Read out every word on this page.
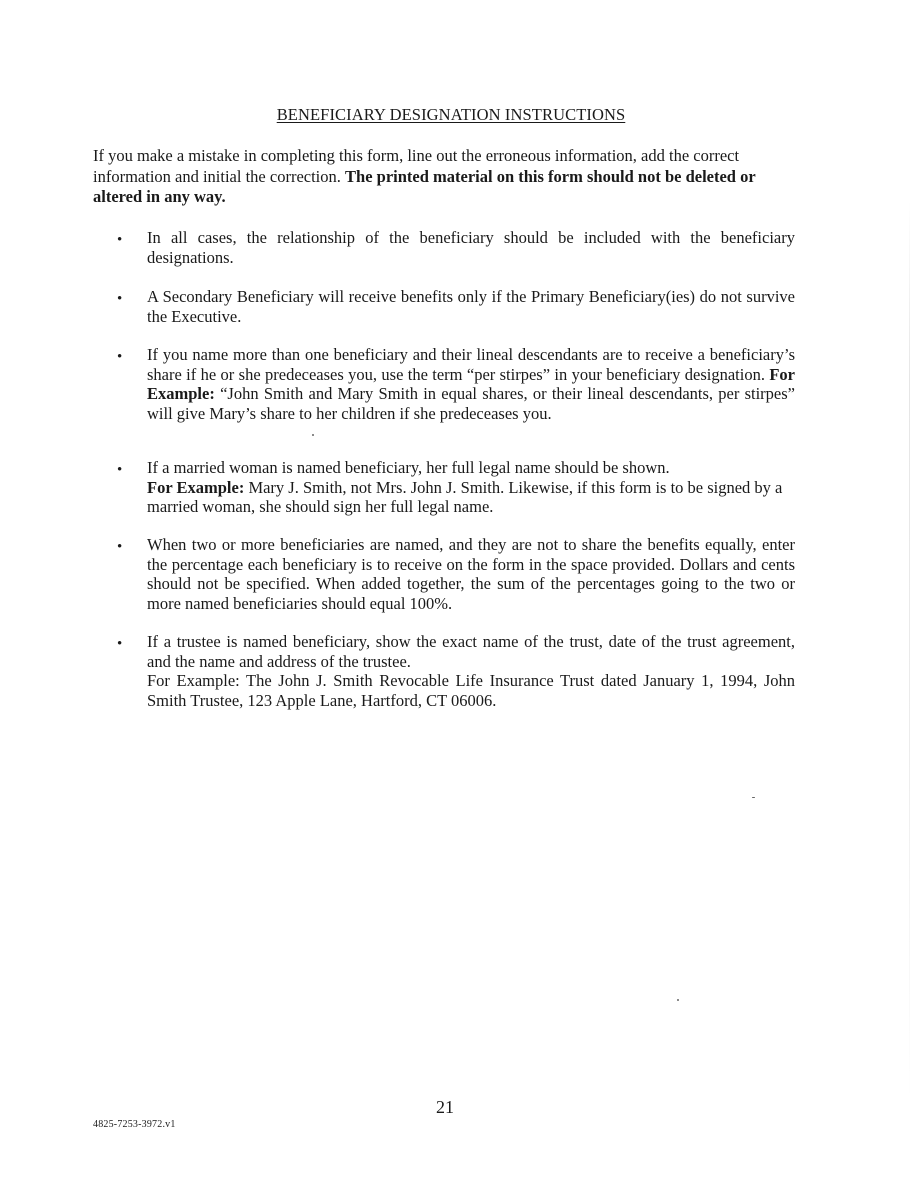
BENEFICIARY DESIGNATION INSTRUCTIONS

If you make a mistake in completing this form, line out the erroneous information, add the correct information and initial the correction. The printed material on this form should not be deleted or altered in any way.

• In all cases, the relationship of the beneficiary should be included with the beneficiary designations.

• A Secondary Beneficiary will receive benefits only if the Primary Beneficiary(ies) do not survive the Executive.

• If you name more than one beneficiary and their lineal descendants are to receive a beneficiary’s share if he or she predeceases you, use the term “per stirpes” in your beneficiary designation. For Example: “John Smith and Mary Smith in equal shares, or their lineal descendants, per stirpes” will give Mary’s share to her children if she predeceases you.

• If a married woman is named beneficiary, her full legal name should be shown.
For Example: Mary J. Smith, not Mrs. John J. Smith. Likewise, if this form is to be signed by a married woman, she should sign her full legal name.

• When two or more beneficiaries are named, and they are not to share the benefits equally, enter the percentage each beneficiary is to receive on the form in the space provided. Dollars and cents should not be specified. When added together, the sum of the percentages going to the two or more named beneficiaries should equal 100%.

• If a trustee is named beneficiary, show the exact name of the trust, date of the trust agreement, and the name and address of the trustee.
For Example: The John J. Smith Revocable Life Insurance Trust dated January 1, 1994, John Smith Trustee, 123 Apple Lane, Hartford, CT 06006.

21
4825-7253-3972.v1
